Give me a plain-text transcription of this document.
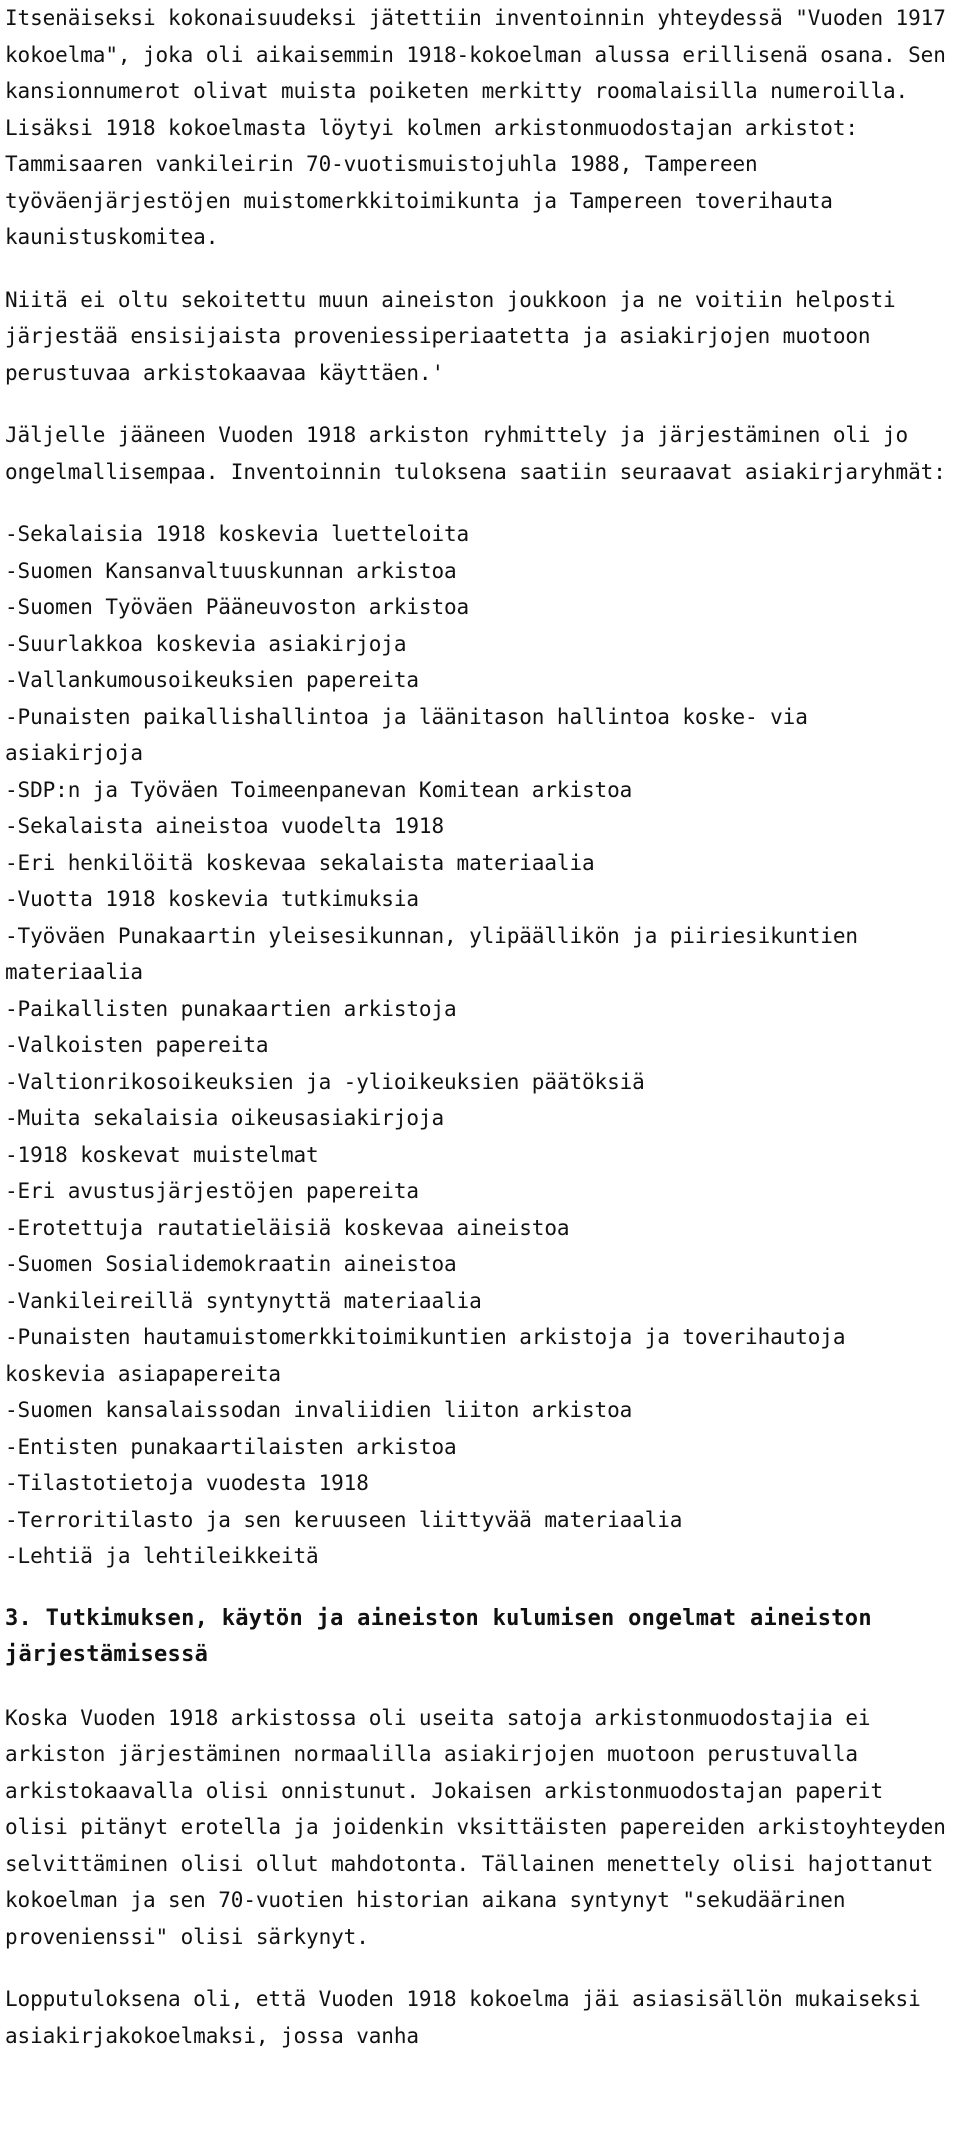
Itsenäiseksi kokonaisuudeksi jätettiin inventoinnin yhteydessä "Vuoden 1917 kokoelma", joka oli aikaisemmin 1918-kokoelman alussa erillisenä osana. Sen kansionnumerot olivat muista poiketen merkitty roomalaisilla numeroilla. Lisäksi 1918 kokoelmasta löytyi kolmen arkistonmuodostajan arkistot: Tammisaaren vankileirin 70-vuotismuistojuhla 1988, Tampereen työväenjärjestöjen muistomerkkitoimikunta ja Tampereen toverihauta kaunistuskomitea.

Niitä ei oltu sekoitettu muun aineiston joukkoon ja ne voitiin helposti järjestää ensisijaista proveniessiperiaatetta ja asiakirjojen muotoon perustuvaa arkistokaavaa käyttäen.'

Jäljelle jääneen Vuoden 1918 arkiston ryhmittely ja järjestäminen oli jo ongelmallisempaa. Inventoinnin tuloksena saatiin seuraavat asiakirjaryhmät:

-Sekalaisia 1918 koskevia luetteloita
-Suomen Kansanvaltuuskunnan arkistoa
-Suomen Työväen Pääneuvoston arkistoa
-Suurlakkoa koskevia asiakirjoja
-Vallankumousoikeuksien papereita
-Punaisten paikallishallintoa ja läänitason hallintoa koske- via asiakirjoja
-SDP:n ja Työväen Toimeenpanevan Komitean arkistoa
-Sekalaista aineistoa vuodelta 1918
-Eri henkilöitä koskevaa sekalaista materiaalia
-Vuotta 1918 koskevia tutkimuksia
-Työväen Punakaartin yleisesikunnan, ylipäällikön ja piiriesikuntien materiaalia
-Paikallisten punakaartien arkistoja
-Valkoisten papereita
-Valtionrikosoikeuksien ja -ylioikeuksien päätöksiä
-Muita sekalaisia oikeusasiakirjoja
-1918 koskevat muistelmat
-Eri avustusjärjestöjen papereita
-Erotettuja rautatieläisiä koskevaa aineistoa
-Suomen Sosialidemokraatin aineistoa
-Vankileireillä syntynyttä materiaalia
-Punaisten hautamuistomerkkitoimikuntien arkistoja ja toverihautoja koskevia asiapapereita
-Suomen kansalaissodan invaliidien liiton arkistoa
-Entisten punakaartilaisten arkistoa
-Tilastotietoja vuodesta 1918
-Terroritilasto ja sen keruuseen liittyvää materiaalia
-Lehtiä ja lehtileikkeitä
3. Tutkimuksen, käytön ja aineiston kulumisen ongelmat aineiston järjestämisessä

Koska Vuoden 1918 arkistossa oli useita satoja arkistonmuodostajia ei arkiston järjestäminen normaalilla asiakirjojen muotoon perustuvalla arkistokaavalla olisi onnistunut. Jokaisen arkistonmuodostajan paperit olisi pitänyt erotella ja joidenkin vksittäisten papereiden arkistoyhteyden selvittäminen olisi ollut mahdotonta. Tällainen menettely olisi hajottanut kokoelman ja sen 70-vuotien historian aikana syntynyt "sekudäärinen provenienssi" olisi särkynyt.

Lopputuloksena oli, että Vuoden 1918 kokoelma jäi asiasisällön mukaiseksi asiakirjakokoelmaksi, jossa vanha
